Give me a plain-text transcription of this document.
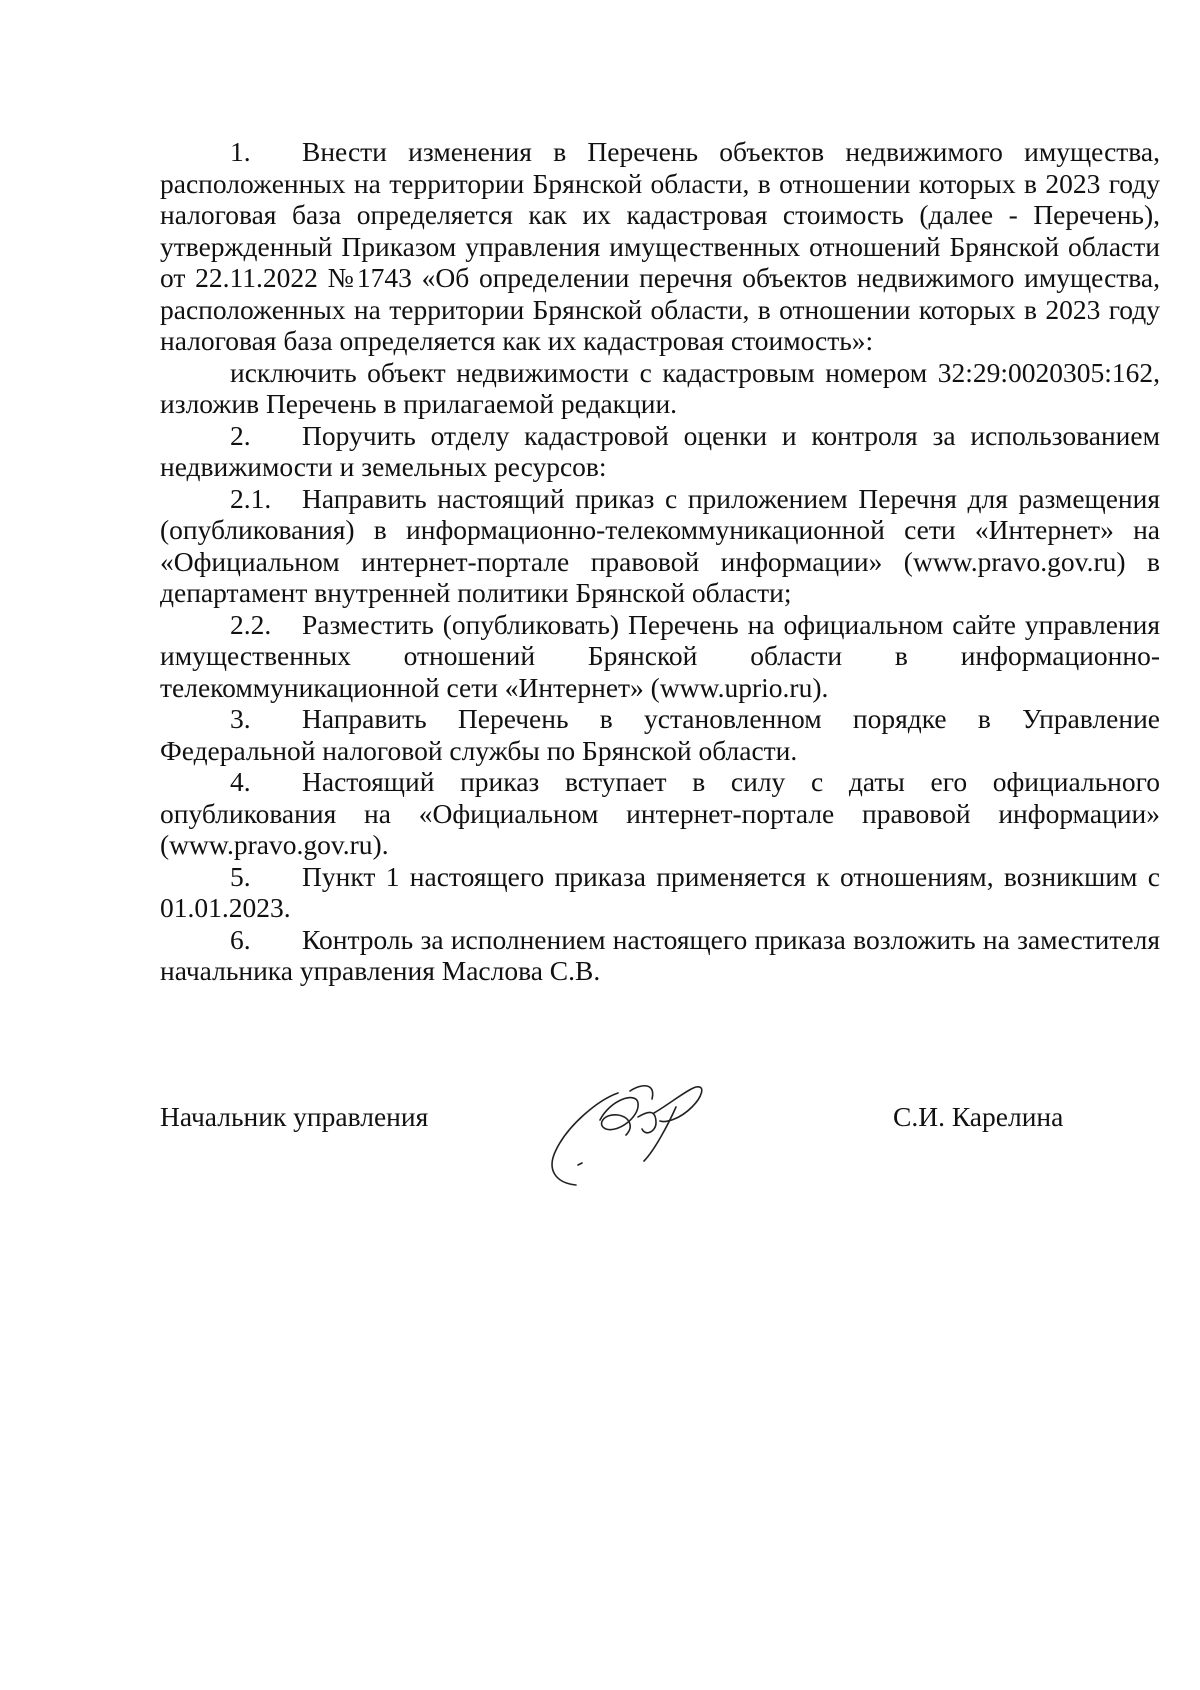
1. Внести изменения в Перечень объектов недвижимого имущества, расположенных на территории Брянской области, в отношении которых в 2023 году налоговая база определяется как их кадастровая стоимость (далее - Перечень), утвержденный Приказом управления имущественных отношений Брянской области от 22.11.2022 №1743 «Об определении перечня объектов недвижимого имущества, расположенных на территории Брянской области, в отношении которых в 2023 году налоговая база определяется как их кадастровая стоимость»:

исключить объект недвижимости с кадастровым номером 32:29:0020305:162, изложив Перечень в прилагаемой редакции.

2. Поручить отделу кадастровой оценки и контроля за использованием недвижимости и земельных ресурсов:

2.1. Направить настоящий приказ с приложением Перечня для размещения (опубликования) в информационно-телекоммуникационной сети «Интернет» на «Официальном интернет-портале правовой информации» (www.pravo.gov.ru) в департамент внутренней политики Брянской области;

2.2. Разместить (опубликовать) Перечень на официальном сайте управления имущественных отношений Брянской области в информационно-телекоммуникационной сети «Интернет» (www.uprio.ru).

3. Направить Перечень в установленном порядке в Управление Федеральной налоговой службы по Брянской области.

4. Настоящий приказ вступает в силу с даты его официального опубликования на «Официальном интернет-портале правовой информации» (www.pravo.gov.ru).

5. Пункт 1 настоящего приказа применяется к отношениям, возникшим с 01.01.2023.

6. Контроль за исполнением настоящего приказа возложить на заместителя начальника управления Маслова С.В.

Начальник управления	С.И. Карелина
